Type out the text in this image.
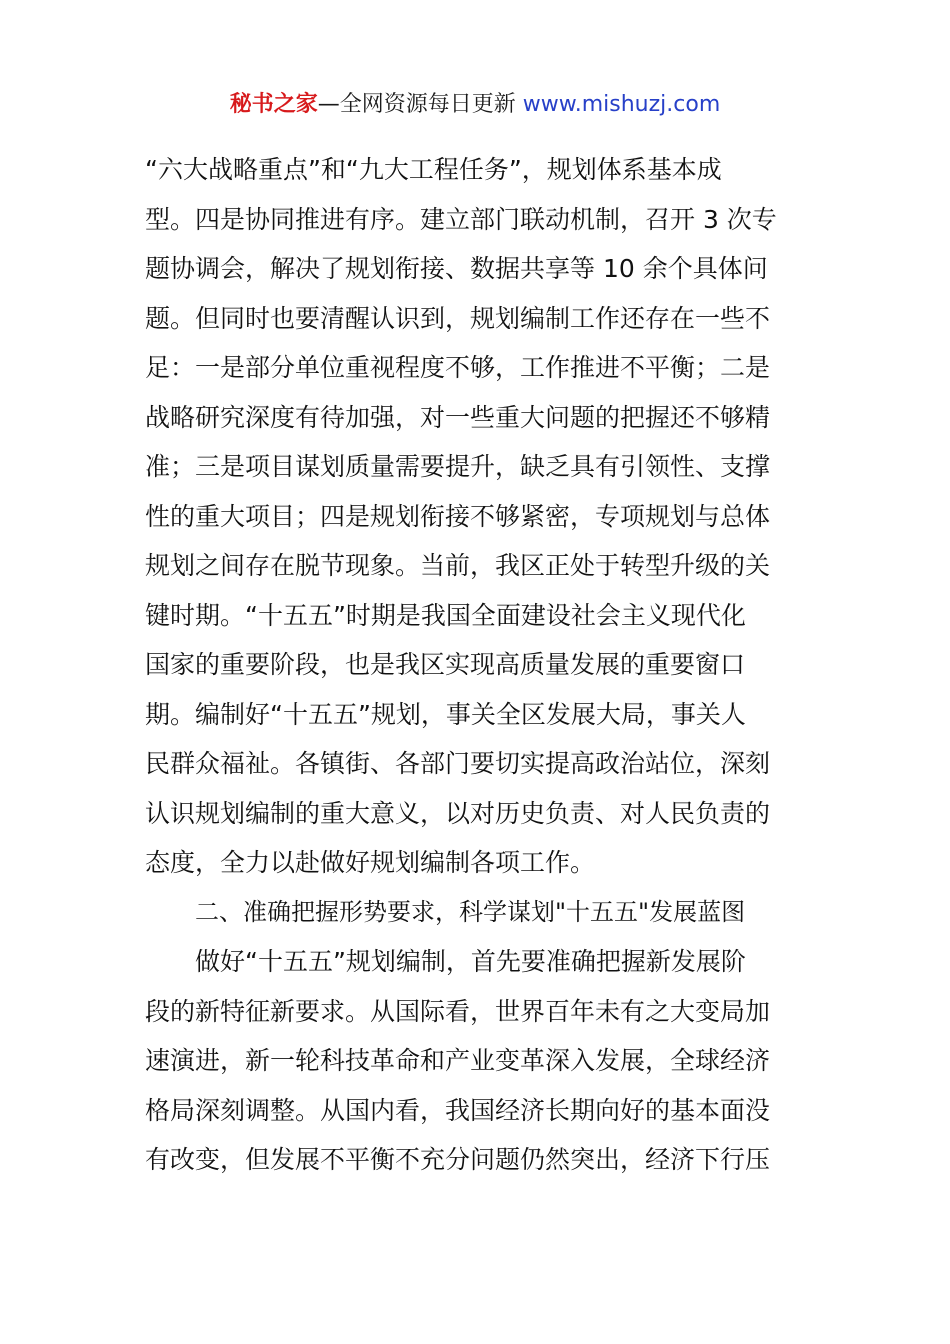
秘书之家—全网资源每日更新 www.mishuzj.com
“六大战略重点”和“九大工程任务”，规划体系基本成
型。四是协同推进有序。建立部门联动机制，召开 3 次专
题协调会，解决了规划衔接、数据共享等 10 余个具体问
题。但同时也要清醒认识到，规划编制工作还存在一些不
足：一是部分单位重视程度不够，工作推进不平衡；二是
战略研究深度有待加强，对一些重大问题的把握还不够精
准；三是项目谋划质量需要提升，缺乏具有引领性、支撑
性的重大项目；四是规划衔接不够紧密，专项规划与总体
规划之间存在脱节现象。当前，我区正处于转型升级的关
键时期。“十五五”时期是我国全面建设社会主义现代化
国家的重要阶段，也是我区实现高质量发展的重要窗口
期。编制好“十五五”规划，事关全区发展大局，事关人
民群众福祉。各镇街、各部门要切实提高政治站位，深刻
认识规划编制的重大意义，以对历史负责、对人民负责的
态度，全力以赴做好规划编制各项工作。
二、准确把握形势要求，科学谋划"十五五"发展蓝图
做好“十五五”规划编制，首先要准确把握新发展阶
段的新特征新要求。从国际看，世界百年未有之大变局加
速演进，新一轮科技革命和产业变革深入发展，全球经济
格局深刻调整。从国内看，我国经济长期向好的基本面没
有改变，但发展不平衡不充分问题仍然突出，经济下行压
